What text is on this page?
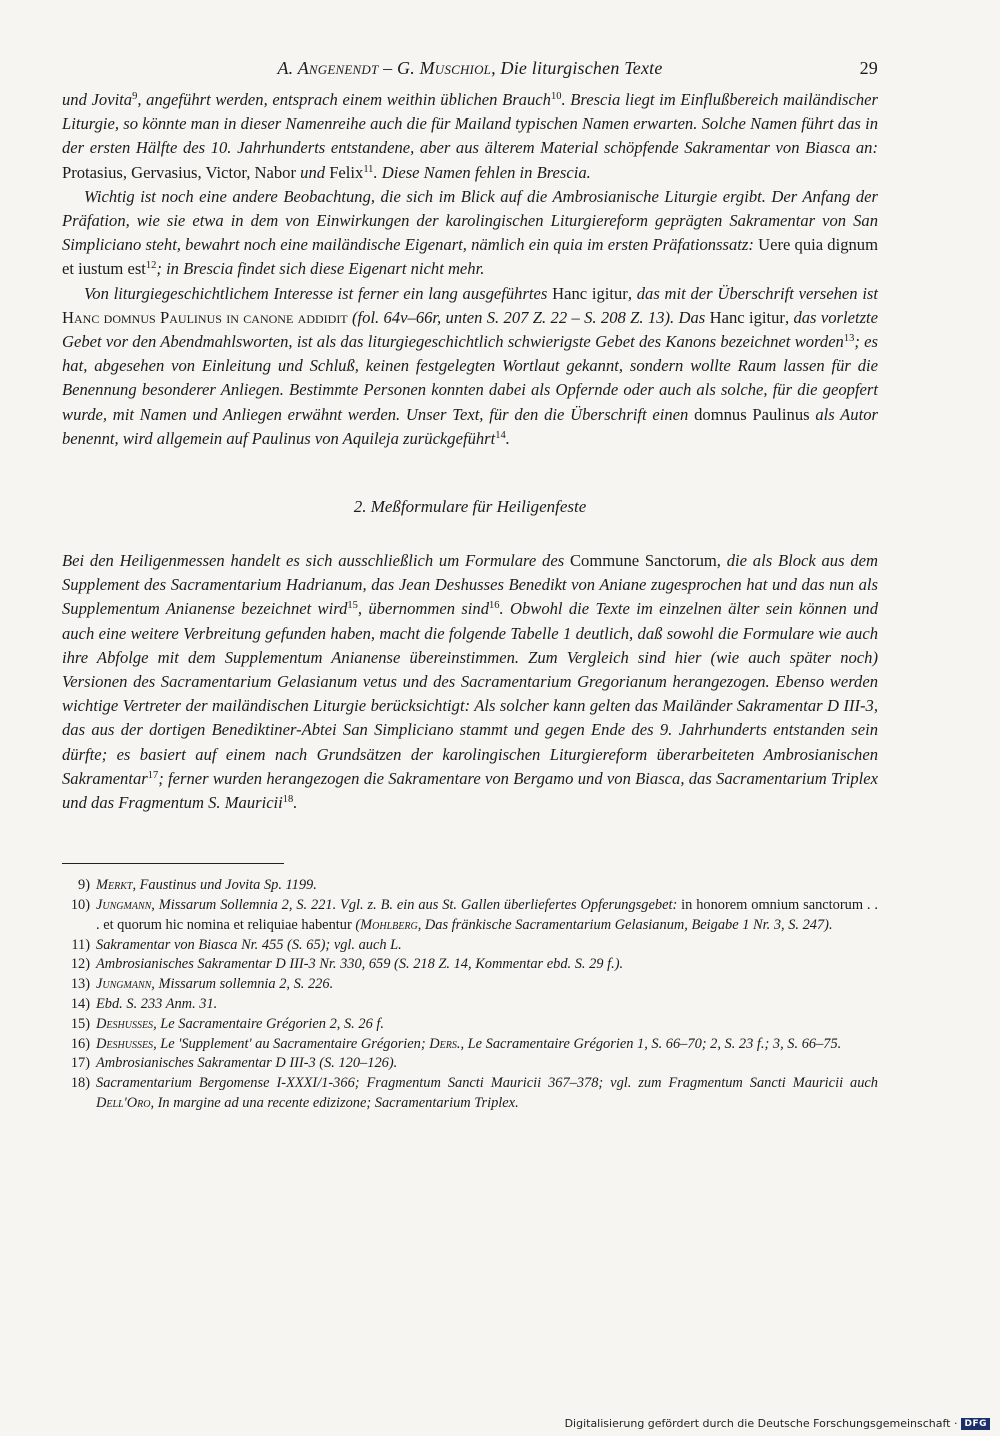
A. Angenendt – G. Muschiol, Die liturgischen Texte	29

und Jovita$^9$, angeführt werden, entsprach einem weithin üblichen Brauch$^{10}$. Brescia liegt im Einflußbereich mailändischer Liturgie, so könnte man in dieser Namenreihe auch die für Mailand typischen Namen erwarten. Solche Namen führt das in der ersten Hälfte des 10. Jahrhunderts entstandene, aber aus älterem Material schöpfende Sakramentar von Biasca an: Protasius, Gervasius, Victor, Nabor und Felix$^{11}$. Diese Namen fehlen in Brescia.

Wichtig ist noch eine andere Beobachtung, die sich im Blick auf die Ambrosianische Liturgie ergibt. Der Anfang der Präfation, wie sie etwa in dem von Einwirkungen der karolingischen Liturgiereform geprägten Sakramentar von San Simpliciano steht, bewahrt noch eine mailändische Eigenart, nämlich ein quia im ersten Präfationssatz: Uere quia dignum et iustum est$^{12}$; in Brescia findet sich diese Eigenart nicht mehr.

Von liturgiegeschichtlichem Interesse ist ferner ein lang ausgeführtes Hanc igitur, das mit der Überschrift versehen ist Hanc domnus Paulinus in canone addidit (fol. 64v–66r, unten S. 207 Z. 22 – S. 208 Z. 13). Das Hanc igitur, das vorletzte Gebet vor den Abendmahlsworten, ist als das liturgiegeschichtlich schwierigste Gebet des Kanons bezeichnet worden$^{13}$; es hat, abgesehen von Einleitung und Schluß, keinen festgelegten Wortlaut gekannt, sondern wollte Raum lassen für die Benennung besonderer Anliegen. Bestimmte Personen konnten dabei als Opfernde oder auch als solche, für die geopfert wurde, mit Namen und Anliegen erwähnt werden. Unser Text, für den die Überschrift einen domnus Paulinus als Autor benennt, wird allgemein auf Paulinus von Aquileja zurückgeführt$^{14}$.

2. Meßformulare für Heiligenfeste

Bei den Heiligenmessen handelt es sich ausschließlich um Formulare des Commune Sanctorum, die als Block aus dem Supplement des Sacramentarium Hadrianum, das Jean Deshusses Benedikt von Aniane zugesprochen hat und das nun als Supplementum Anianense bezeichnet wird$^{15}$, übernommen sind$^{16}$. Obwohl die Texte im einzelnen älter sein können und auch eine weitere Verbreitung gefunden haben, macht die folgende Tabelle 1 deutlich, daß sowohl die Formulare wie auch ihre Abfolge mit dem Supplementum Anianense übereinstimmen. Zum Vergleich sind hier (wie auch später noch) Versionen des Sacramentarium Gelasianum vetus und des Sacramentarium Gregorianum herangezogen. Ebenso werden wichtige Vertreter der mailändischen Liturgie berücksichtigt: Als solcher kann gelten das Mailänder Sakramentar D III-3, das aus der dortigen Benediktiner-Abtei San Simpliciano stammt und gegen Ende des 9. Jahrhunderts entstanden sein dürfte; es basiert auf einem nach Grundsätzen der karolingischen Liturgiereform überarbeiteten Ambrosianischen Sakramentar$^{17}$; ferner wurden herangezogen die Sakramentare von Bergamo und von Biasca, das Sacramentarium Triplex und das Fragmentum S. Mauricii$^{18}$.

9) Merkt, Faustinus und Jovita Sp. 1199.
10) Jungmann, Missarum Sollemnia 2, S. 221. Vgl. z. B. ein aus St. Gallen überliefertes Opferungsgebet: in honorem omnium sanctorum . . . et quorum hic nomina et reliquiae habentur (Mohlberg, Das fränkische Sacramentarium Gelasianum, Beigabe 1 Nr. 3, S. 247).
11) Sakramentar von Biasca Nr. 455 (S. 65); vgl. auch L.
12) Ambrosianisches Sakramentar D III-3 Nr. 330, 659 (S. 218 Z. 14, Kommentar ebd. S. 29 f.).
13) Jungmann, Missarum sollemnia 2, S. 226.
14) Ebd. S. 233 Anm. 31.
15) Deshusses, Le Sacramentaire Grégorien 2, S. 26 f.
16) Deshusses, Le 'Supplement' au Sacramentaire Grégorien; Ders., Le Sacramentaire Grégorien 1, S. 66–70; 2, S. 23 f.; 3, S. 66–75.
17) Ambrosianisches Sakramentar D III-3 (S. 120–126).
18) Sacramentarium Bergomense I-XXXI/1-366; Fragmentum Sancti Mauricii 367–378; vgl. zum Fragmentum Sancti Mauricii auch Dell'Oro, In margine ad una recente edizizone; Sacramentarium Triplex.
Digitalisierung gefördert durch die Deutsche Forschungsgemeinschaft · DFG
